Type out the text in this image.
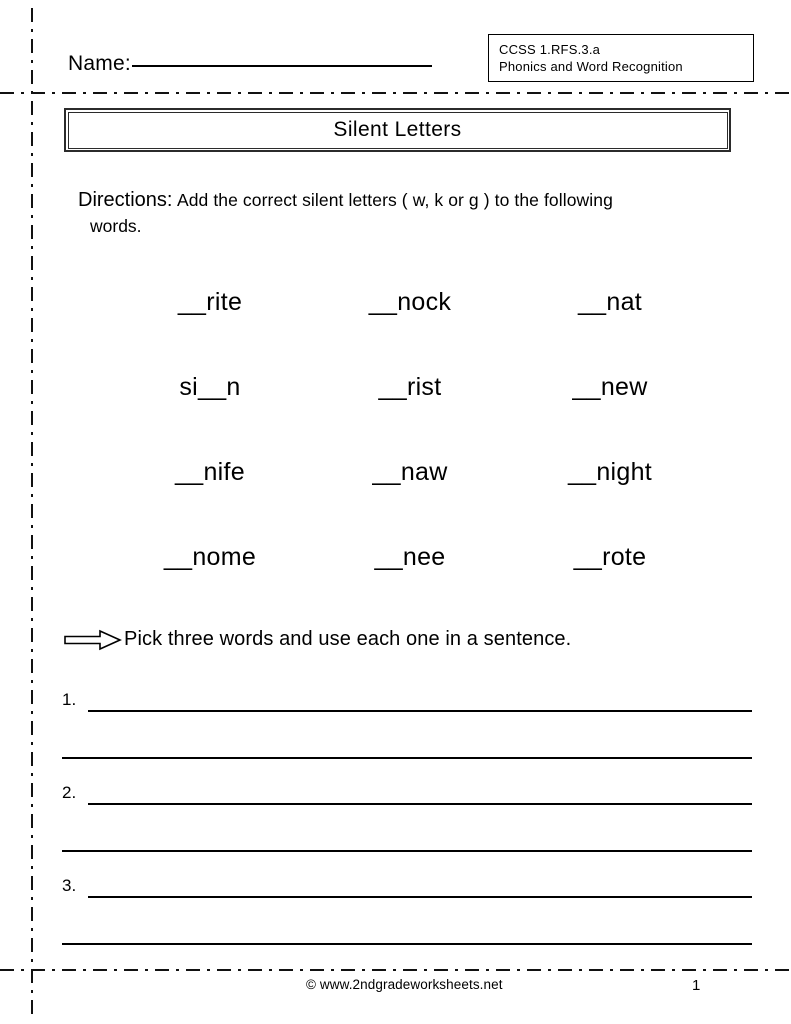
Name:
CCSS 1.RFS.3.a
Phonics and Word Recognition
Silent Letters
Directions: Add the correct silent letters ( w, k or g ) to the following
words.
__rite	__nock	__nat
si__n	__rist	__new
__nife	__naw	__night
__nome	__nee	__rote
Pick three words and use each one in a sentence.
1.
2.
3.
© www.2ndgradeworksheets.net	1
